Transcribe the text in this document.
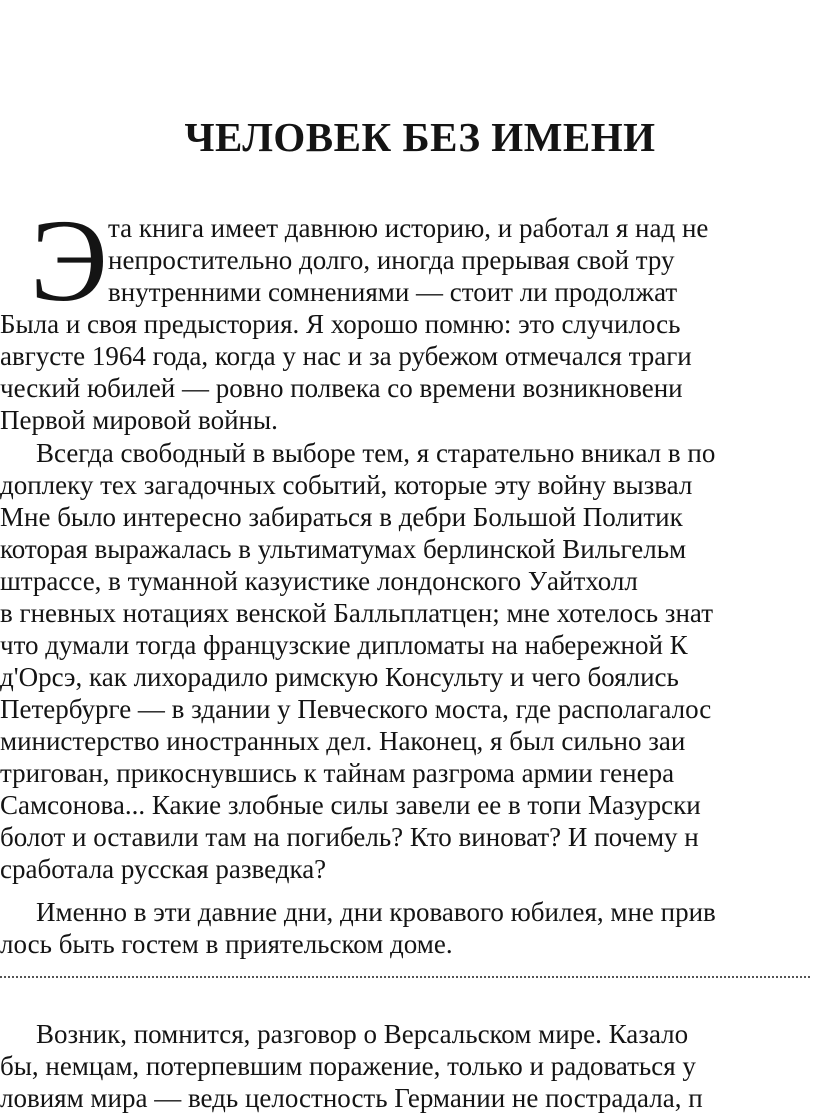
ЧЕЛОВЕК БЕЗ ИМЕНИ
Э та книга имеет давнюю историю, и работал я над не
непростительно долго, иногда прерывая свой тру
внутренними сомнениями — стоит ли продолжат
Была и своя предыстория. Я хорошо помню: это случилось
августе 1964 года, когда у нас и за рубежом отмечался траги
ческий юбилей — ровно полвека со времени возникновени
Первой мировой войны.
Всегда свободный в выборе тем, я старательно вникал в по
доплеку тех загадочных событий, которые эту войну вызвал
Мне было интересно забираться в дебри Большой Политик
которая выражалась в ультиматумах берлинской Вильгельм
штрассе, в туманной казуистике лондонского Уайтхолл
в гневных нотациях венской Балльплатцен; мне хотелось знат
что думали тогда французские дипломаты на набережной К
д'Орсэ, как лихорадило римскую Консульту и чего боялись
Петербурге — в здании у Певческого моста, где располагалос
министерство иностранных дел. Наконец, я был сильно заи
тригован, прикоснувшись к тайнам разгрома армии генера
Самсонова... Какие злобные силы завели ее в топи Мазурски
болот и оставили там на погибель? Кто виноват? И почему н
сработала русская разведка?
Именно в эти давние дни, дни кровавого юбилея, мне прив
лось быть гостем в приятельском доме.
Возник, помнится, разговор о Версальском мире. Казало
бы, немцам, потерпевшим поражение, только и радоваться у
ловиям мира — ведь целостность Германии не пострадала, п
